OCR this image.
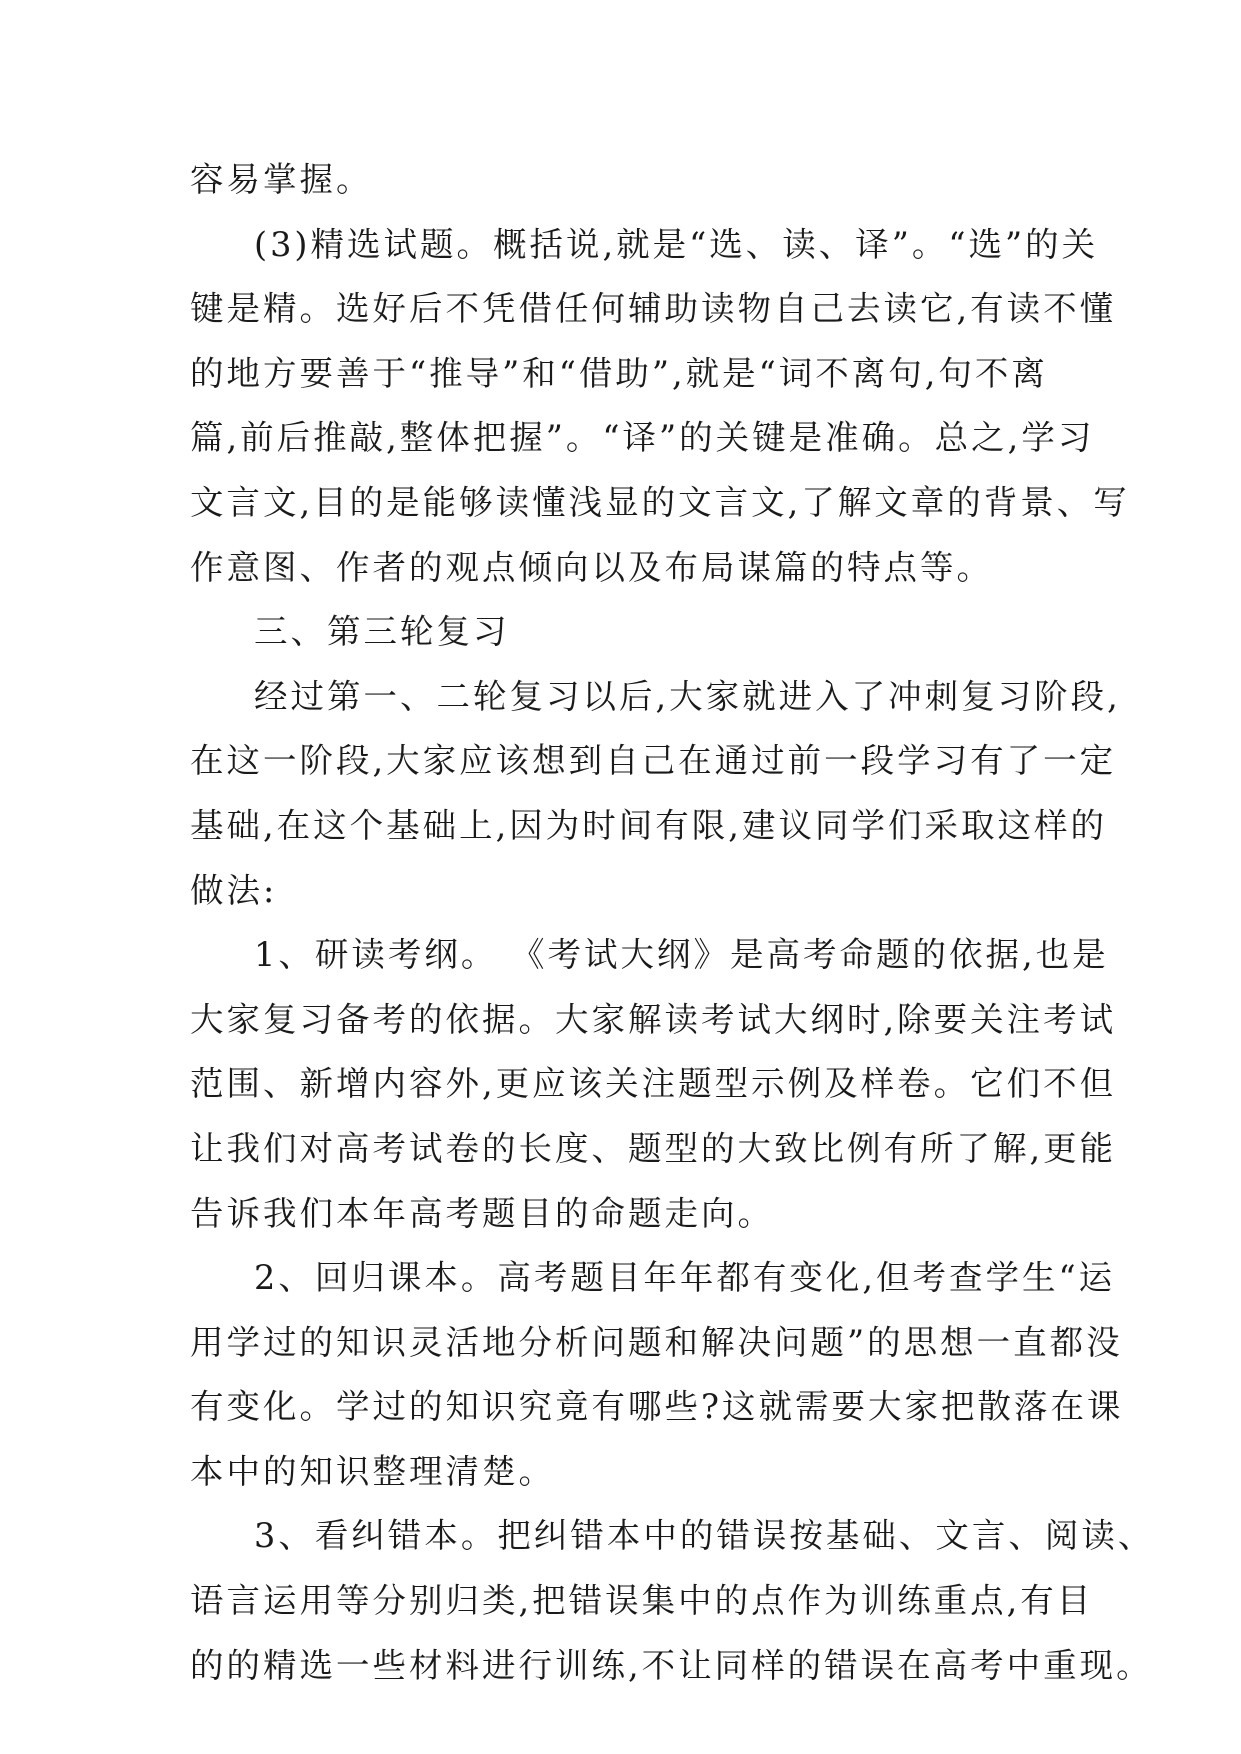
容易掌握。
(3)精选试题。概括说,就是“选、读、译”。“选”的关
键是精。选好后不凭借任何辅助读物自己去读它,有读不懂
的地方要善于“推导”和“借助”,就是“词不离句,句不离
篇,前后推敲,整体把握”。“译”的关键是准确。总之,学习
文言文,目的是能够读懂浅显的文言文,了解文章的背景、写
作意图、作者的观点倾向以及布局谋篇的特点等。
三、第三轮复习
经过第一、二轮复习以后,大家就进入了冲刺复习阶段,
在这一阶段,大家应该想到自己在通过前一段学习有了一定
基础,在这个基础上,因为时间有限,建议同学们采取这样的
做法:
1、研读考纲。 《考试大纲》是高考命题的依据,也是
大家复习备考的依据。大家解读考试大纲时,除要关注考试
范围、新增内容外,更应该关注题型示例及样卷。它们不但
让我们对高考试卷的长度、题型的大致比例有所了解,更能
告诉我们本年高考题目的命题走向。
2、回归课本。高考题目年年都有变化,但考查学生“运
用学过的知识灵活地分析问题和解决问题”的思想一直都没
有变化。学过的知识究竟有哪些?这就需要大家把散落在课
本中的知识整理清楚。
3、看纠错本。把纠错本中的错误按基础、文言、阅读、
语言运用等分别归类,把错误集中的点作为训练重点,有目
的的精选一些材料进行训练,不让同样的错误在高考中重现。
